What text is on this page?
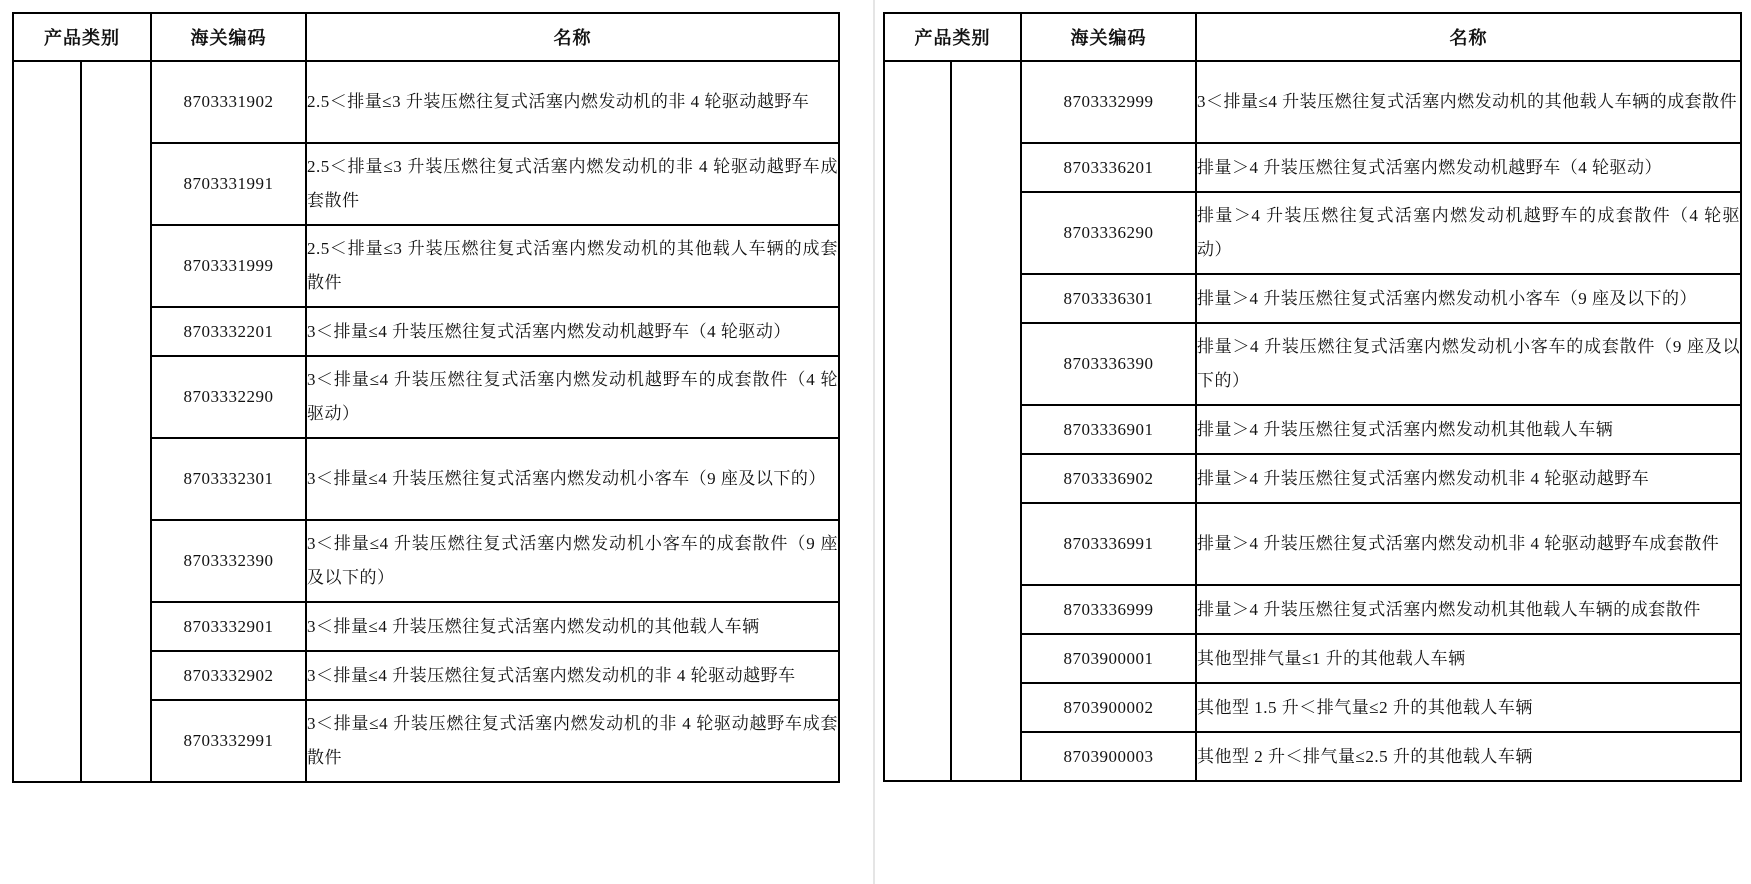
产品类别		海关编码	名称
		8703331902	2.5＜排量≤3 升装压燃往复式活塞内燃发动机的非 4 轮驱动越野车
		8703331991	2.5＜排量≤3 升装压燃往复式活塞内燃发动机的非 4 轮驱动越野车成套散件
		8703331999	2.5＜排量≤3 升装压燃往复式活塞内燃发动机的其他载人车辆的成套散件
		8703332201	3＜排量≤4 升装压燃往复式活塞内燃发动机越野车（4 轮驱动）
		8703332290	3＜排量≤4 升装压燃往复式活塞内燃发动机越野车的成套散件（4 轮驱动）
		8703332301	3＜排量≤4 升装压燃往复式活塞内燃发动机小客车（9 座及以下的）
		8703332390	3＜排量≤4 升装压燃往复式活塞内燃发动机小客车的成套散件（9 座及以下的）
		8703332901	3＜排量≤4 升装压燃往复式活塞内燃发动机的其他载人车辆
		8703332902	3＜排量≤4 升装压燃往复式活塞内燃发动机的非 4 轮驱动越野车
		8703332991	3＜排量≤4 升装压燃往复式活塞内燃发动机的非 4 轮驱动越野车成套散件
产品类别		海关编码	名称
		8703332999	3＜排量≤4 升装压燃往复式活塞内燃发动机的其他载人车辆的成套散件
		8703336201	排量＞4 升装压燃往复式活塞内燃发动机越野车（4 轮驱动）
		8703336290	排量＞4 升装压燃往复式活塞内燃发动机越野车的成套散件（4 轮驱动）
		8703336301	排量＞4 升装压燃往复式活塞内燃发动机小客车（9 座及以下的）
		8703336390	排量＞4 升装压燃往复式活塞内燃发动机小客车的成套散件（9 座及以下的）
		8703336901	排量＞4 升装压燃往复式活塞内燃发动机其他载人车辆
		8703336902	排量＞4 升装压燃往复式活塞内燃发动机非 4 轮驱动越野车
		8703336991	排量＞4 升装压燃往复式活塞内燃发动机非 4 轮驱动越野车成套散件
		8703336999	排量＞4 升装压燃往复式活塞内燃发动机其他载人车辆的成套散件
		8703900001	其他型排气量≤1 升的其他载人车辆
		8703900002	其他型 1.5 升＜排气量≤2 升的其他载人车辆
		8703900003	其他型 2 升＜排气量≤2.5 升的其他载人车辆
